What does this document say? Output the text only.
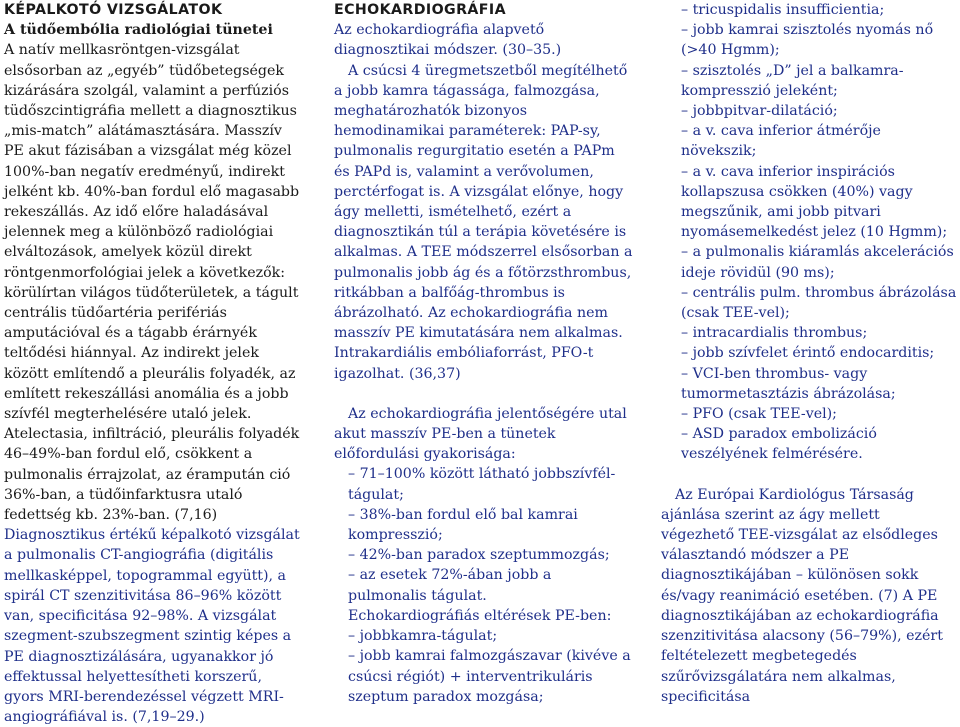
KÉPALKOTÓ VIZSGÁLATOK

A tüdőembólia radiológiai tünetei

A natív mellkasröntgen-vizsgálat elsősorban az „egyéb” tüdőbetegségek kizárására szolgál, valamint a perfúziós tüdőszcintigráfia mellett a diagnosztikus „mis-match” alátámasztására. Masszív PE akut fázisában a vizsgálat még közel 100%-ban negatív eredményű, indirekt jelként kb. 40%-ban fordul elő magasabb rekeszállás. Az idő előre haladásával jelennek meg a különböző radiológiai elváltozások, amelyek közül direkt röntgenmorfológiai jelek a következők: körülírtan világos tüdőterületek, a tágult centrális tüdőartéria perifériás amputációval és a tágabb érárnyék teltődési hiánnyal. Az indirekt jelek között említendő a pleurális folyadék, az említett rekeszállási anomália és a jobb szívfél megterhelésére utaló jelek. Atelectasia, infiltráció, pleurális folyadék 46–49%-ban fordul elő, csökkent a pulmonalis érrajzolat, az érampután ció 36%-ban, a tüdőinfarktusra utaló fedettség kb. 23%-ban. (7,16)

Diagnosztikus értékű képalkotó vizsgálat a pulmonalis CT-angiográfia (digitális mellkasképpel, topogrammal együtt), a spirál CT szenzitivitása 86–96% között van, specificitása 92–98%. A vizsgálat szegment-szubszegment szintig képes a PE diagnosztizálására, ugyanakkor jó effektussal helyettesítheti korszerű, gyors MRI-berendezéssel végzett MRI-angiográfiával is. (7,19–29.)

ECHOKARDIOGRÁFIA

Az echokardiográfia alapvető diagnosztikai módszer. (30–35.)

A csúcsi 4 üregmetszetből megítélhető a jobb kamra tágassága, falmozgása, meghatározhatók bizonyos hemodinamikai paraméterek: PAP-sy, pulmonalis regurgitatio esetén a PAPm és PAPd is, valamint a verővolumen, perctérfogat is. A vizsgálat előnye, hogy ágy melletti, ismételhető, ezért a diagnosztikán túl a terápia követésére is alkalmas. A TEE módszerrel elsősorban a pulmonalis jobb ág és a főtörzsthrombus, ritkábban a balfőág-thrombus is ábrázolható. Az echokardiográfia nem masszív PE kimutatására nem alkalmas. Intrakardiális embóliaforrást, PFO-t igazolhat. (36,37)

Az echokardiográfia jelentőségére utal akut masszív PE-ben a tünetek előfordulási gyakorisága:

– 71–100% között látható jobbszívfél-tágulat;

– 38%-ban fordul elő bal kamrai kompresszió;

– 42%-ban paradox szeptummozgás;

– az esetek 72%-ában jobb a pulmonalis tágulat.

Echokardiográfiás eltérések PE-ben:

– jobbkamra-tágulat;

– jobb kamrai falmozgászavar (kivéve a csúcsi régiót) + interventrikuláris szeptum paradox mozgása;

– tricuspidalis insufficientia;

– jobb kamrai szisztolés nyomás nő (>40 Hgmm);

– szisztolés „D” jel a balkamra-kompresszió jeleként;

– jobbpitvar-dilatáció;

– a v. cava inferior átmérője növekszik;

– a v. cava inferior inspirációs kollapszusa csökken (40%) vagy megszűnik, ami jobb pitvari nyomásemelkedést jelez (10 Hgmm);

– a pulmonalis kiáramlás akcelerációs ideje rövidül (90 ms);

– centrális pulm. thrombus ábrázolása (csak TEE-vel);

– intracardialis thrombus;

– jobb szívfelet érintő endocarditis;

– VCI-ben thrombus- vagy tumormetasztázis ábrázolása;

– PFO (csak TEE-vel);

– ASD paradox embolizáció veszélyének felmérésére.

Az Európai Kardiológus Társaság ajánlása szerint az ágy mellett végezhető TEE-vizsgálat az elsődleges választandó módszer a PE diagnosztikájában – különösen sokk és/vagy reanimáció esetében. (7) A PE diagnosztikájában az echokardiográfia szenzitivitása alacsony (56–79%), ezért feltételezett megbetegedés szűrővizsgálatára nem alkalmas, specificitása
